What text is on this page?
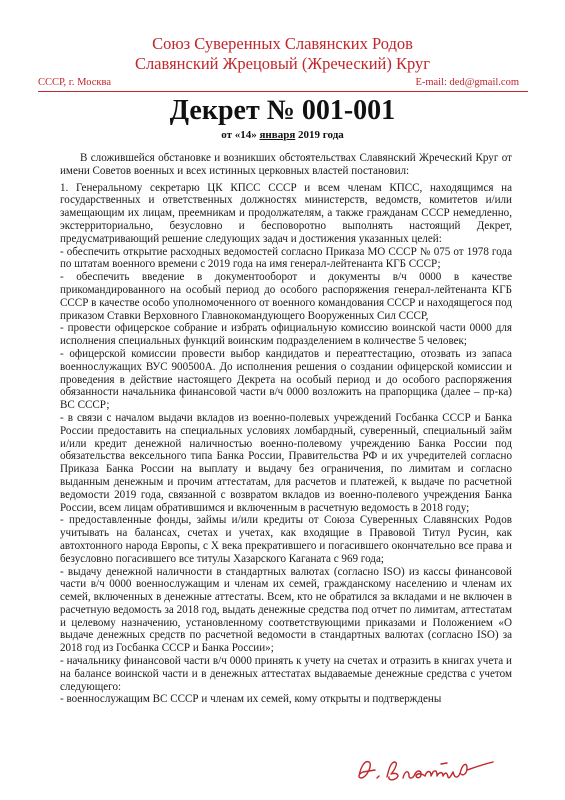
Союз Суверенных Славянских Родов
Славянский Жрецовый (Жреческий) Круг
СССР, г. Москва	E-mail: ded@gmail.com
Декрет № 001-001
от «14» января 2019 года

В сложившейся обстановке и возникших обстоятельствах Славянский Жреческий Круг от имени Советов военных и всех истинных церковных властей постановил:

1. Генеральному секретарю ЦК КПСС СССР и всем членам КПСС, находящимся на государственных и ответственных должностях министерств, ведомств, комитетов и/или замещающим их лицам, преемникам и продолжателям, а также гражданам СССР немедленно, экстерриториально, безусловно и бесповоротно выполнять настоящий Декрет, предусматривающий решение следующих задач и достижения указанных целей:

- обеспечить открытие расходных ведомостей согласно Приказа МО СССР № 075 от 1978 года по штатам военного времени с 2019 года на имя генерал-лейтенанта КГБ СССР;

- обеспечить введение в документооборот и документы в/ч 0000 в качестве прикомандированного на особый период до особого распоряжения генерал-лейтенанта КГБ СССР в качестве особо уполномоченного от военного командования СССР и находящегося под приказом Ставки Верховного Главнокомандующего Вооруженных Сил СССР,

- провести офицерское собрание и избрать официальную комиссию воинской части 0000 для исполнения специальных функций воинским подразделением в количестве 5 человек;

- офицерской комиссии провести выбор кандидатов и переаттестацию, отозвать из запаса военнослужащих ВУС 900500А. До исполнения решения о создании офицерской комиссии и проведения в действие настоящего Декрета на особый период и до особого распоряжения обязанности начальника финансовой части в/ч 0000 возложить на прапорщика (далее – пр-ка) ВС СССР;

- в связи с началом выдачи вкладов из военно-полевых учреждений Госбанка СССР и Банка России предоставить на специальных условиях ломбардный, суверенный, специальный займ и/или кредит денежной наличностью военно-полевому учреждению Банка России под обязательства вексельного типа Банка России, Правительства РФ и их учредителей согласно Приказа Банка России на выплату и выдачу без ограничения, по лимитам и согласно выданным денежным и прочим аттестатам, для расчетов и платежей, к выдаче по расчетной ведомости 2019 года, связанной с возвратом вкладов из военно-полевого учреждения Банка России, всем лицам обратившимся и включенным в расчетную ведомость в 2018 году;

- предоставленные фонды, займы и/или кредиты от Союза Суверенных Славянских Родов учитывать на балансах, счетах и учетах, как входящие в Правовой Титул Русин, как автохтонного народа Европы, с Х века прекратившего и погасившего окончательно все права и безусловно погасившего все титулы Хазарского Каганата с 969 года;

- выдачу денежной наличности в стандартных валютах (согласно ISO) из кассы финансовой части в/ч 0000 военнослужащим и членам их семей, гражданскому населению и членам их семей, включенных в денежные аттестаты. Всем, кто не обратился за вкладами и не включен в расчетную ведомость за 2018 год, выдать денежные средства под отчет по лимитам, аттестатам и целевому назначению, установленному соответствующими приказами и Положением «О выдаче денежных средств по расчетной ведомости в стандартных валютах (согласно ISO) за 2018 год из Госбанка СССР и Банка России»;

- начальнику финансовой части в/ч 0000 принять к учету на счетах и отразить в книгах учета и на балансе воинской части и в денежных аттестатах выдаваемые денежные средства с учетом следующего:

- военнослужащим ВС СССР и членам их семей, кому открыты и подтверждены
